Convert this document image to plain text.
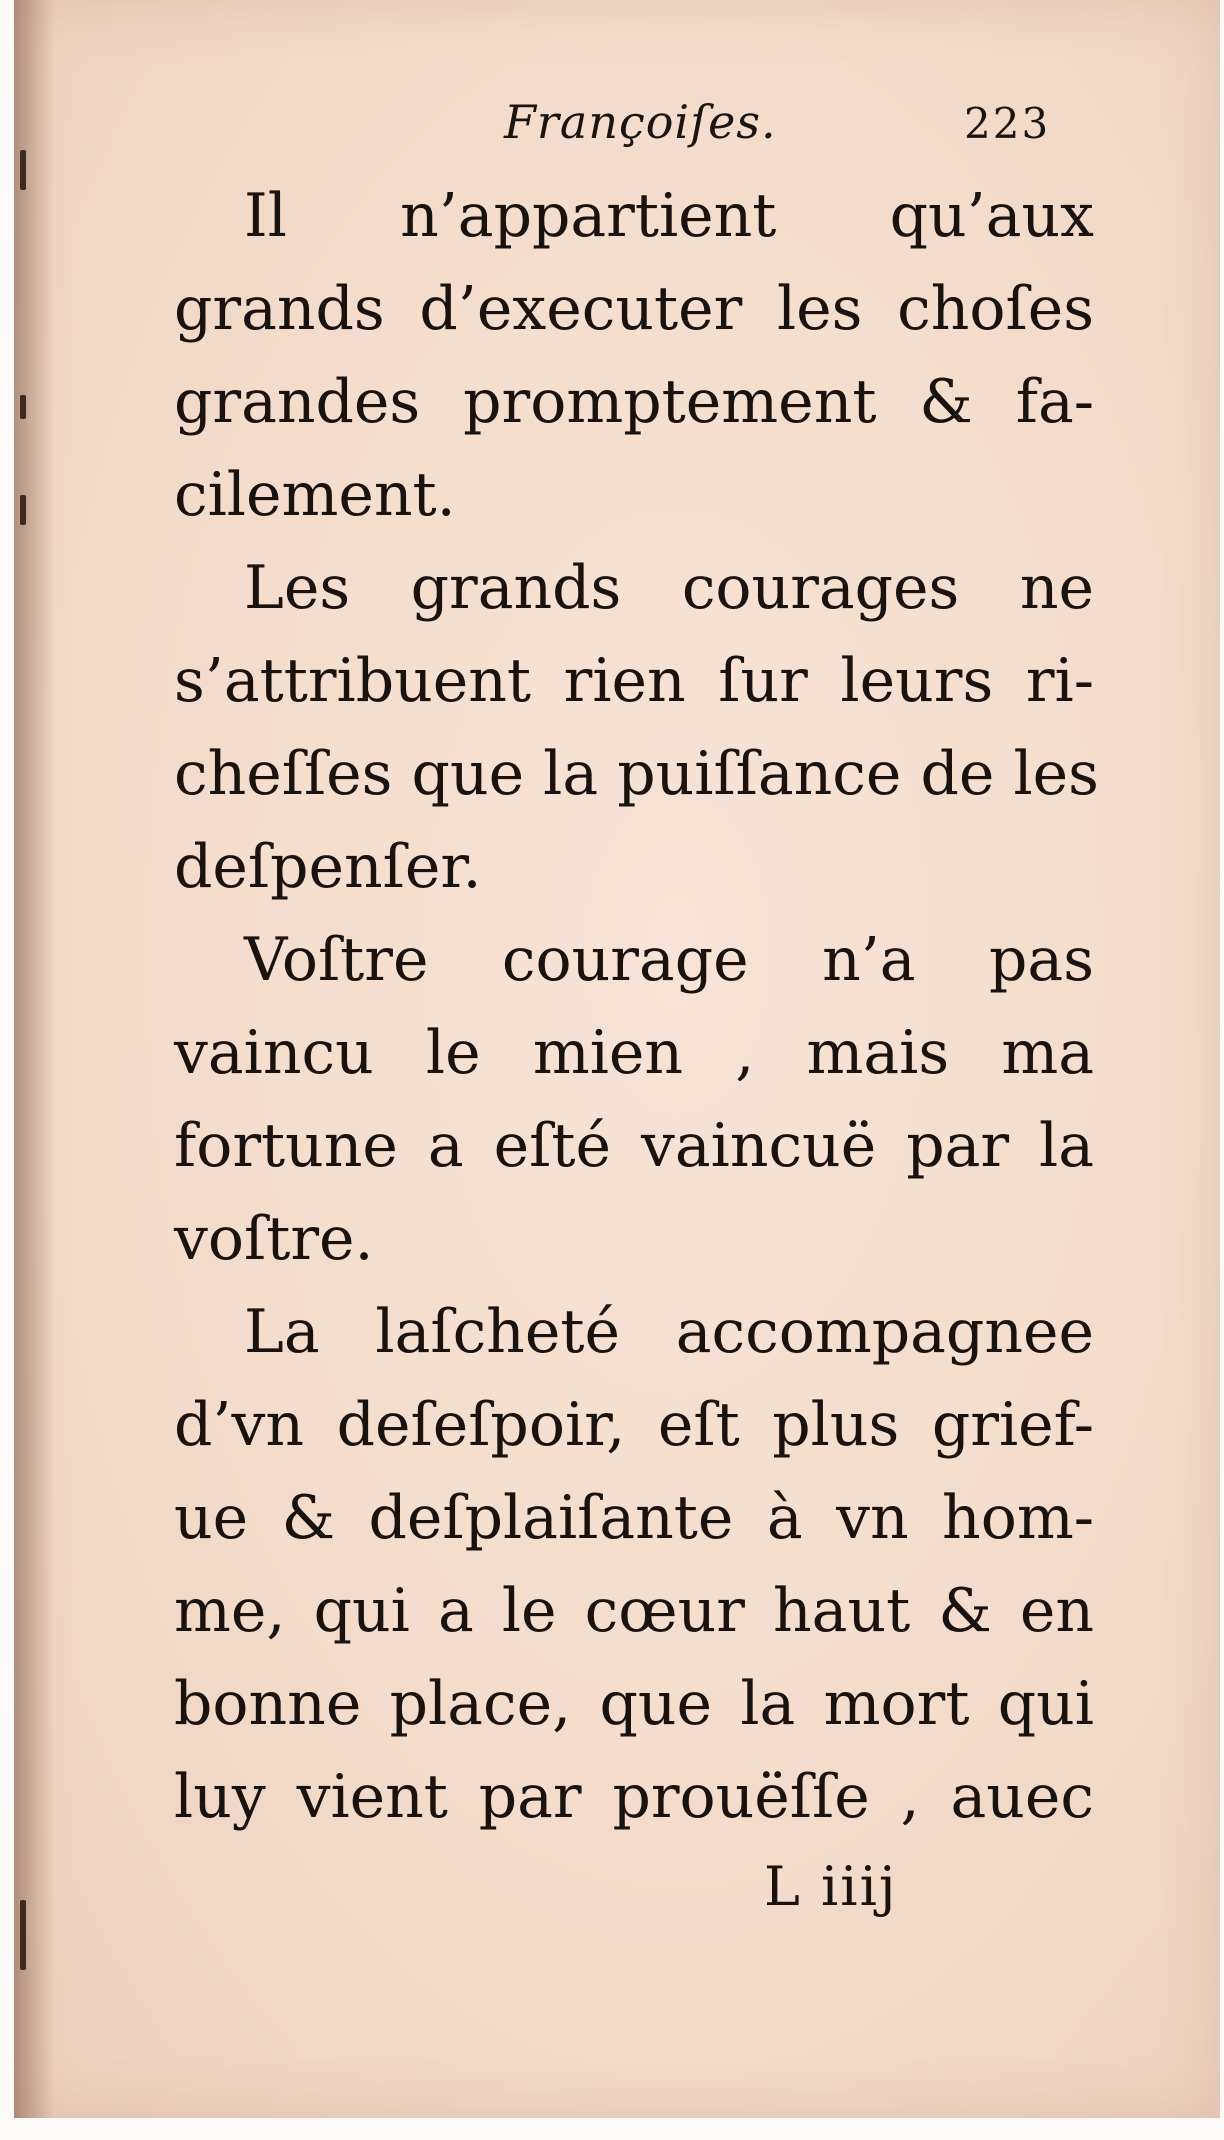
Françoiſes.	223
Il n’appartient qu’aux
grands d’executer les choſes
grandes promptement & fa-
cilement.
Les grands courages ne
s’attribuent rien ſur leurs ri-
cheſſes que la puiſſance de les
deſpenſer.
Voſtre courage n’a pas
vaincu le mien , mais ma
fortune a eſté vaincuë par la
voſtre.
La laſcheté accompagnee
d’vn deſeſpoir, eſt plus grief-
ue & deſplaiſante à vn hom-
me, qui a le cœur haut & en
bonne place, que la mort qui
luy vient par prouëſſe , auec
L iiij
